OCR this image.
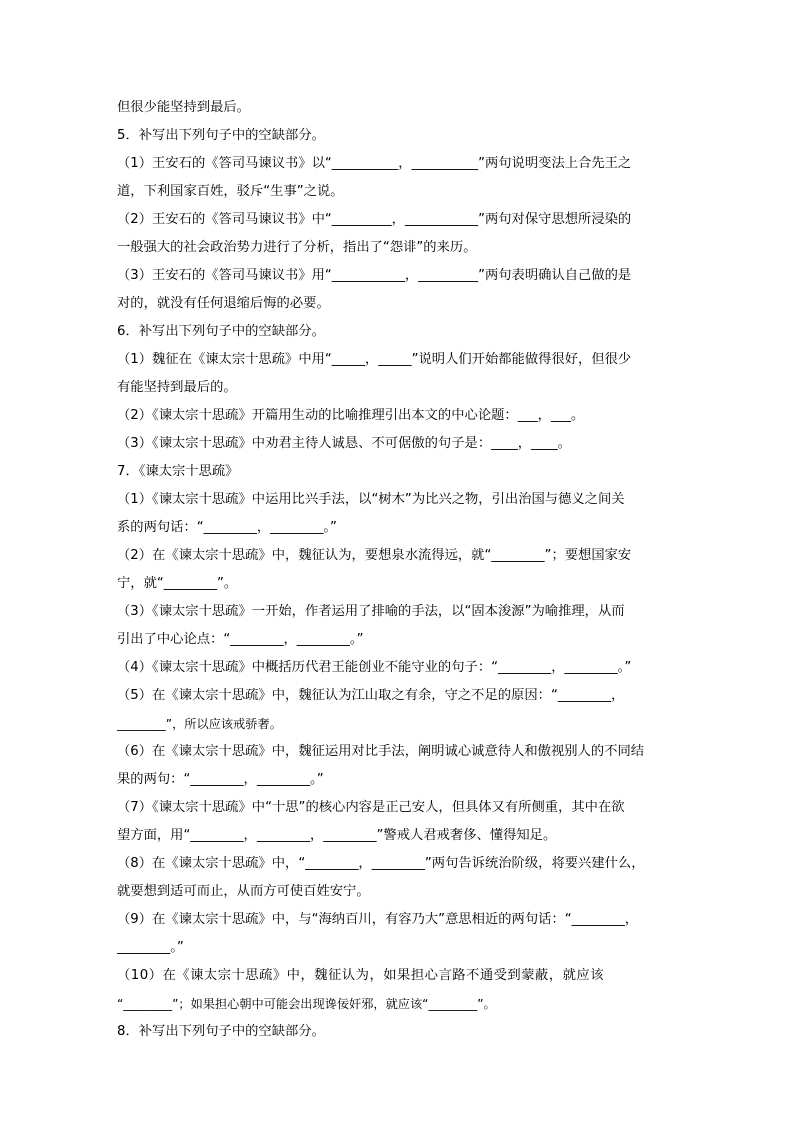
但很少能坚持到最后。

5．补写出下列句子中的空缺部分。

（1）王安石的《答司马谏议书》以“__________，__________”两句说明变法上合先王之

道，下利国家百姓，驳斥“生事”之说。

（2）王安石的《答司马谏议书》中“_________，___________”两句对保守思想所浸染的

一般强大的社会政治势力进行了分析，指出了“怨诽”的来历。

（3）王安石的《答司马谏议书》用“___________，_________”两句表明确认自己做的是

对的，就没有任何退缩后悔的必要。

6．补写出下列句子中的空缺部分。

（1）魏征在《谏太宗十思疏》中用“_____，_____”说明人们开始都能做得很好，但很少

有能坚持到最后的。

（2）《谏太宗十思疏》开篇用生动的比喻推理引出本文的中心论题：___，___。

（3）《谏太宗十思疏》中劝君主待人诚恳、不可倨傲的句子是：____，____。

7．《谏太宗十思疏》

（1）《谏太宗十思疏》中运用比兴手法，以“树木”为比兴之物，引出治国与德义之间关

系的两句话：“________，________。”

（2）在《谏太宗十思疏》中，魏征认为，要想泉水流得远，就“________”；要想国家安

宁，就“________”。

（3）《谏太宗十思疏》一开始，作者运用了排喻的手法，以“固本浚源”为喻推理，从而

引出了中心论点：“________，________。”

（4）《谏太宗十思疏》中概括历代君王能创业不能守业的句子：“________，________。”

（5）在《谏太宗十思疏》中，魏征认为江山取之有余，守之不足的原因：“________，

________”，所以应该戒骄奢。

（6）在《谏太宗十思疏》中，魏征运用对比手法，阐明诚心诚意待人和傲视别人的不同结

果的两句：“________，________。”

（7）《谏太宗十思疏》中“十思”的核心内容是正己安人，但具体又有所侧重，其中在欲

望方面，用“________，________，________”警戒人君戒奢侈、懂得知足。

（8）在《谏太宗十思疏》中，“________，________”两句告诉统治阶级，将要兴建什么，

就要想到适可而止，从而方可使百姓安宁。

（9）在《谏太宗十思疏》中，与“海纳百川，有容乃大”意思相近的两句话：“________，

________。”

（10）在《谏太宗十思疏》中，魏征认为，如果担心言路不通受到蒙蔽，就应该

“________”；如果担心朝中可能会出现谗佞奸邪，就应该“________”。

8．补写出下列句子中的空缺部分。
